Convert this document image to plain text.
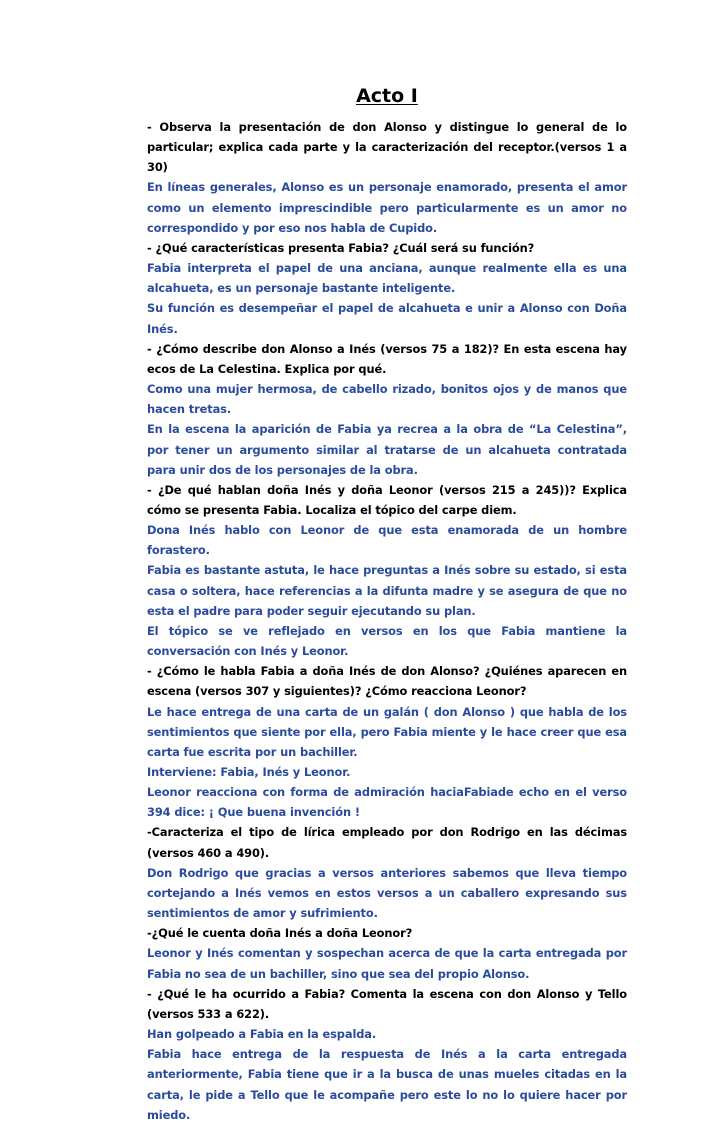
Acto I

- Observa la presentación de don Alonso y distingue lo general de lo particular; explica cada parte y la caracterización del receptor.(versos 1 a 30)

En líneas generales, Alonso es un personaje enamorado, presenta el amor como un elemento imprescindible pero particularmente es un amor no correspondido y por eso nos habla de Cupido.

- ¿Qué características presenta Fabia? ¿Cuál será su función?

Fabia interpreta el papel de una anciana, aunque realmente ella es una alcahueta, es un personaje bastante inteligente.

Su función es desempeñar el papel de alcahueta e unir a Alonso con Doña Inés.

- ¿Cómo describe don Alonso a Inés (versos 75 a 182)? En esta escena hay ecos de La Celestina. Explica por qué.

Como una mujer hermosa, de cabello rizado, bonitos ojos y de manos que hacen tretas.

En la escena la aparición de Fabia ya recrea a la obra de “La Celestina”, por tener un argumento similar al tratarse de un alcahueta contratada para unir dos de los personajes de la obra.

- ¿De qué hablan doña Inés y doña Leonor (versos 215 a 245))? Explica cómo se presenta Fabia. Localiza el tópico del carpe diem.

Dona Inés hablo con Leonor de que esta enamorada de un hombre forastero.

Fabia es bastante astuta, le hace preguntas a Inés sobre su estado, si esta casa o soltera, hace referencias a la difunta madre y se asegura de que no esta el padre para poder seguir ejecutando su plan.

El tópico se ve reflejado en versos en los que Fabia mantiene la conversación con Inés y Leonor.

- ¿Cómo le habla Fabia a doña Inés de don Alonso? ¿Quiénes aparecen en escena (versos 307 y siguientes)? ¿Cómo reacciona Leonor?

Le hace entrega de una carta de un galán ( don Alonso ) que habla de los sentimientos que siente por ella, pero Fabia miente y le hace creer que esa carta fue escrita por un bachiller.

Interviene: Fabia, Inés y Leonor.

Leonor reacciona con forma de admiración haciaFabiade echo en el verso 394 dice: ¡ Que buena invención !

-Caracteriza el tipo de lírica empleado por don Rodrigo en las décimas (versos 460 a 490).

Don Rodrigo que gracias a versos anteriores sabemos que lleva tiempo cortejando a Inés vemos en estos versos a un caballero expresando sus sentimientos de amor y sufrimiento.

-¿Qué le cuenta doña Inés a doña Leonor?

Leonor y Inés comentan y sospechan acerca de que la carta entregada por Fabia no sea de un bachiller, sino que sea del propio Alonso.

- ¿Qué le ha ocurrido a Fabia? Comenta la escena con don Alonso y Tello (versos 533 a 622).

Han golpeado a Fabia en la espalda.

Fabia hace entrega de la respuesta de Inés a la carta entregada anteriormente, Fabia tiene que ir a la busca de unas mueles citadas en la carta, le pide a Tello que le acompañe pero este lo no lo quiere hacer por miedo.
